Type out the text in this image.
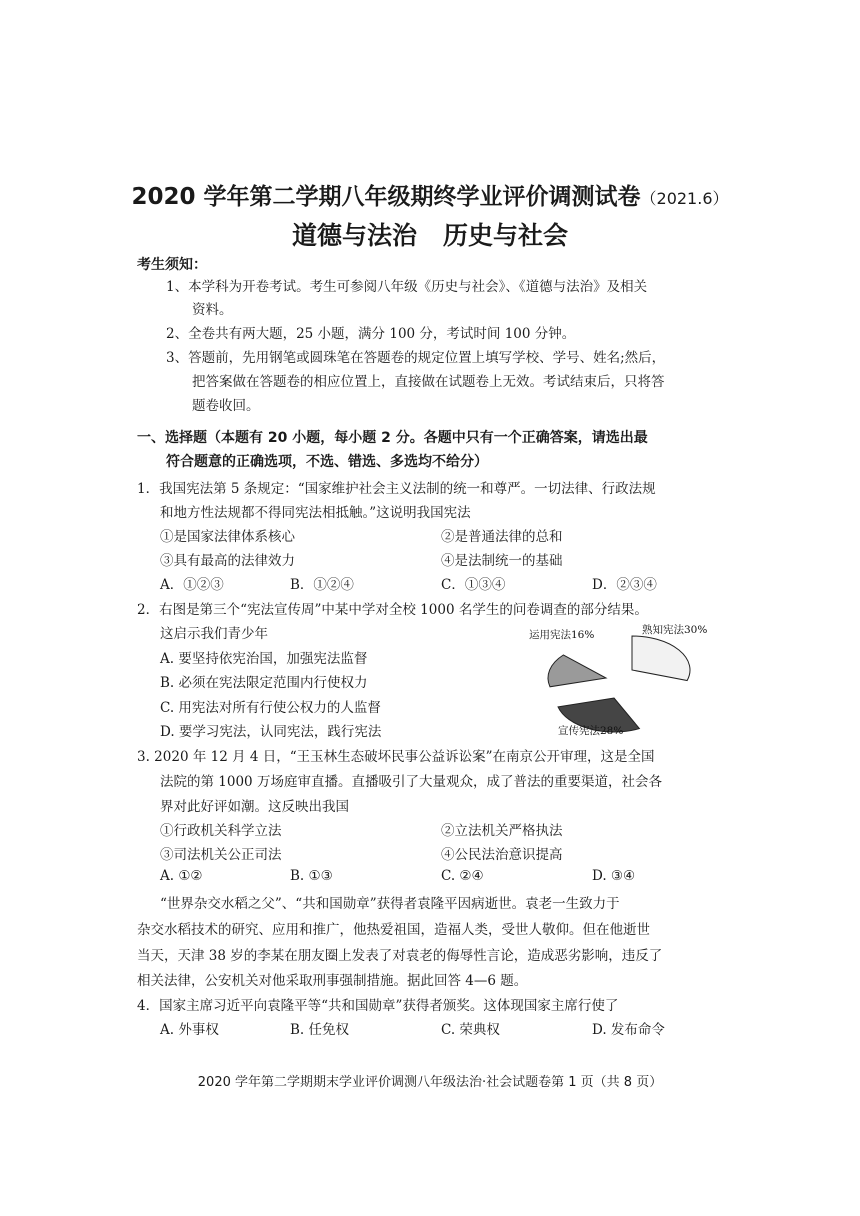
2020 学年第二学期八年级期终学业评价调测试卷（2021.6）
道德与法治 历史与社会
考生须知：
1、本学科为开卷考试。考生可参阅八年级《历史与社会》、《道德与法治》及相关
资料。
2、全卷共有两大题，25 小题，满分 100 分，考试时间 100 分钟。
3、答题前，先用钢笔或圆珠笔在答题卷的规定位置上填写学校、学号、姓名;然后，
把答案做在答题卷的相应位置上，直接做在试题卷上无效。考试结束后，只将答
题卷收回。
一、选择题（本题有 20 小题，每小题 2 分。各题中只有一个正确答案，请选出最
符合题意的正确选项，不选、错选、多选均不给分）
1．我国宪法第 5 条规定：“国家维护社会主义法制的统一和尊严。一切法律、行政法规
和地方性法规都不得同宪法相抵触。”这说明我国宪法
①是国家法律体系核心	②是普通法律的总和
③具有最高的法律效力	④是法制统一的基础
A．①②③	B．①②④	C．①③④	D．②③④
2．右图是第三个“宪法宣传周”中某中学对全校 1000 名学生的问卷调查的部分结果。
这启示我们青少年
A. 要坚持依宪治国，加强宪法监督
B. 必须在宪法限定范围内行使权力
C. 用宪法对所有行使公权力的人监督
D. 要学习宪法，认同宪法，践行宪法
熟知宪法30%
运用宪法16%
宣传宪法28%
3. 2020 年 12 月 4 日，“王玉林生态破坏民事公益诉讼案”在南京公开审理，这是全国
法院的第 1000 万场庭审直播。直播吸引了大量观众，成了普法的重要渠道，社会各
界对此好评如潮。这反映出我国
①行政机关科学立法	②立法机关严格执法
③司法机关公正司法	④公民法治意识提高
A. ①②	B. ①③	C. ②④	D. ③④
“世界杂交水稻之父”、“共和国勋章”获得者袁隆平因病逝世。袁老一生致力于
杂交水稻技术的研究、应用和推广，他热爱祖国，造福人类，受世人敬仰。但在他逝世
当天，天津 38 岁的李某在朋友圈上发表了对袁老的侮辱性言论，造成恶劣影响，违反了
相关法律，公安机关对他采取刑事强制措施。据此回答 4—6 题。
4．国家主席习近平向袁隆平等“共和国勋章”获得者颁奖。这体现国家主席行使了
A. 外事权	B. 任免权	C. 荣典权	D. 发布命令
2020 学年第二学期期末学业评价调测八年级法治·社会试题卷第 1 页（共 8 页）
